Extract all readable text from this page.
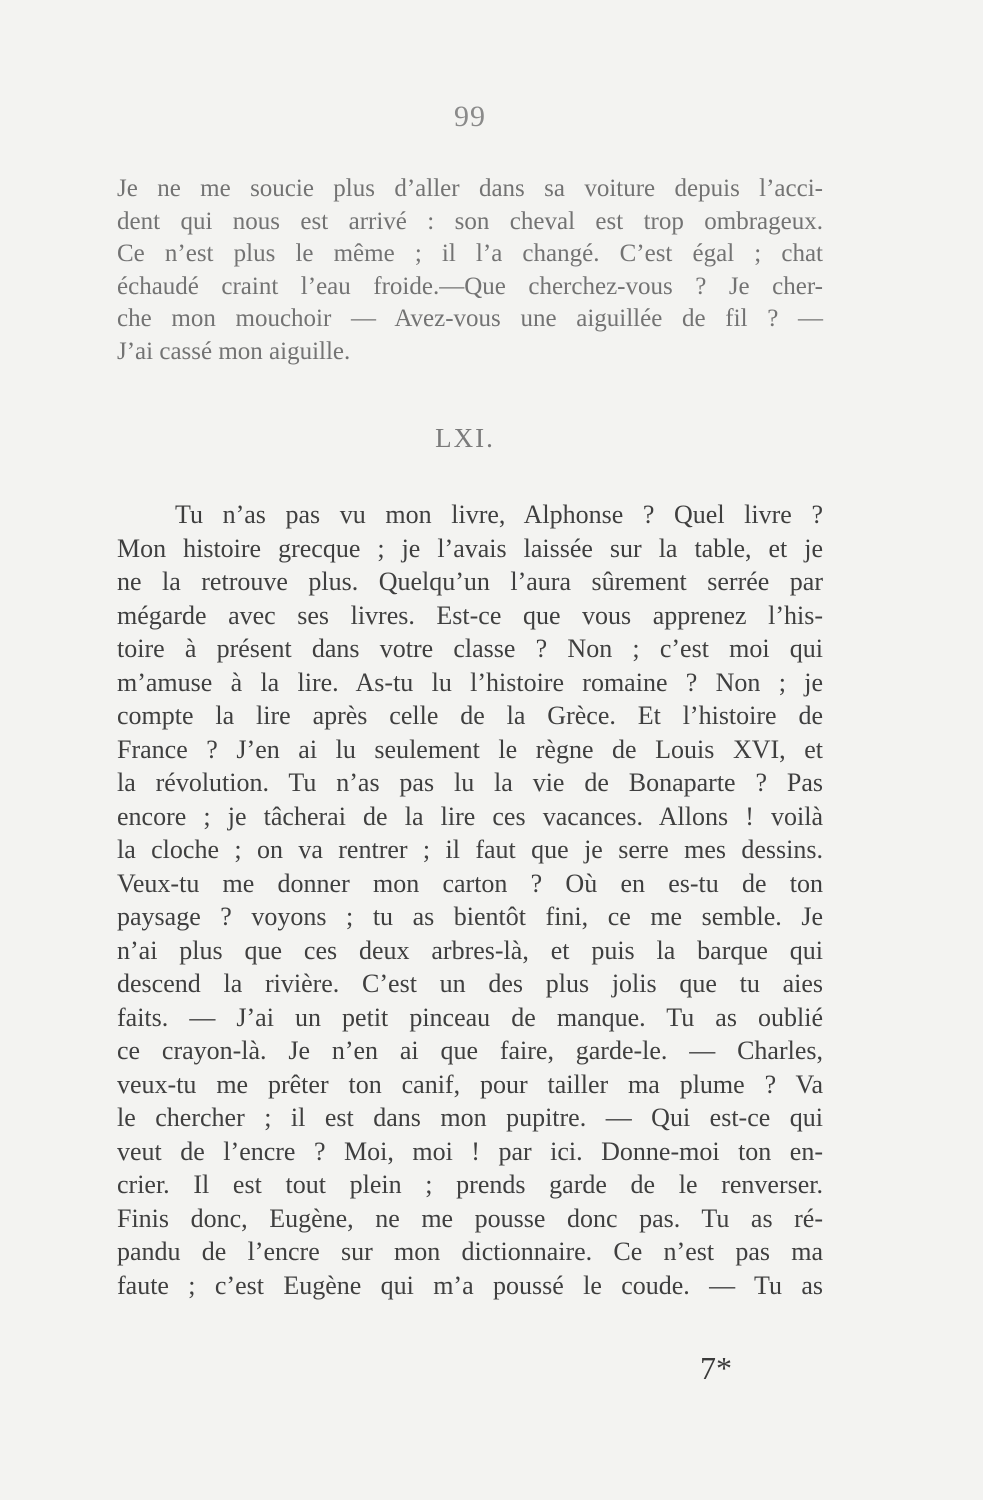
99
Je ne me soucie plus d’aller dans sa voiture depuis l’acci-
dent qui nous est arrivé : son cheval est trop ombrageux.
Ce n’est plus le même ; il l’a changé. C’est égal ; chat
échaudé craint l’eau froide.—Que cherchez-vous ? Je cher-
che mon mouchoir — Avez-vous une aiguillée de fil ? —
J’ai cassé mon aiguille.
LXI.
Tu n’as pas vu mon livre, Alphonse ? Quel livre ?
Mon histoire grecque ; je l’avais laissée sur la table, et je
ne la retrouve plus. Quelqu’un l’aura sûrement serrée par
mégarde avec ses livres. Est-ce que vous apprenez l’his-
toire à présent dans votre classe ? Non ; c’est moi qui
m’amuse à la lire. As-tu lu l’histoire romaine ? Non ; je
compte la lire après celle de la Grèce. Et l’histoire de
France ? J’en ai lu seulement le règne de Louis XVI, et
la révolution. Tu n’as pas lu la vie de Bonaparte ? Pas
encore ; je tâcherai de la lire ces vacances. Allons ! voilà
la cloche ; on va rentrer ; il faut que je serre mes dessins.
Veux-tu me donner mon carton ? Où en es-tu de ton
paysage ? voyons ; tu as bientôt fini, ce me semble. Je
n’ai plus que ces deux arbres-là, et puis la barque qui
descend la rivière. C’est un des plus jolis que tu aies
faits. — J’ai un petit pinceau de manque. Tu as oublié
ce crayon-là. Je n’en ai que faire, garde-le. — Charles,
veux-tu me prêter ton canif, pour tailler ma plume ? Va
le chercher ; il est dans mon pupitre. — Qui est-ce qui
veut de l’encre ? Moi, moi ! par ici. Donne-moi ton en-
crier. Il est tout plein ; prends garde de le renverser.
Finis donc, Eugène, ne me pousse donc pas. Tu as ré-
pandu de l’encre sur mon dictionnaire. Ce n’est pas ma
faute ; c’est Eugène qui m’a poussé le coude. — Tu as
7*
